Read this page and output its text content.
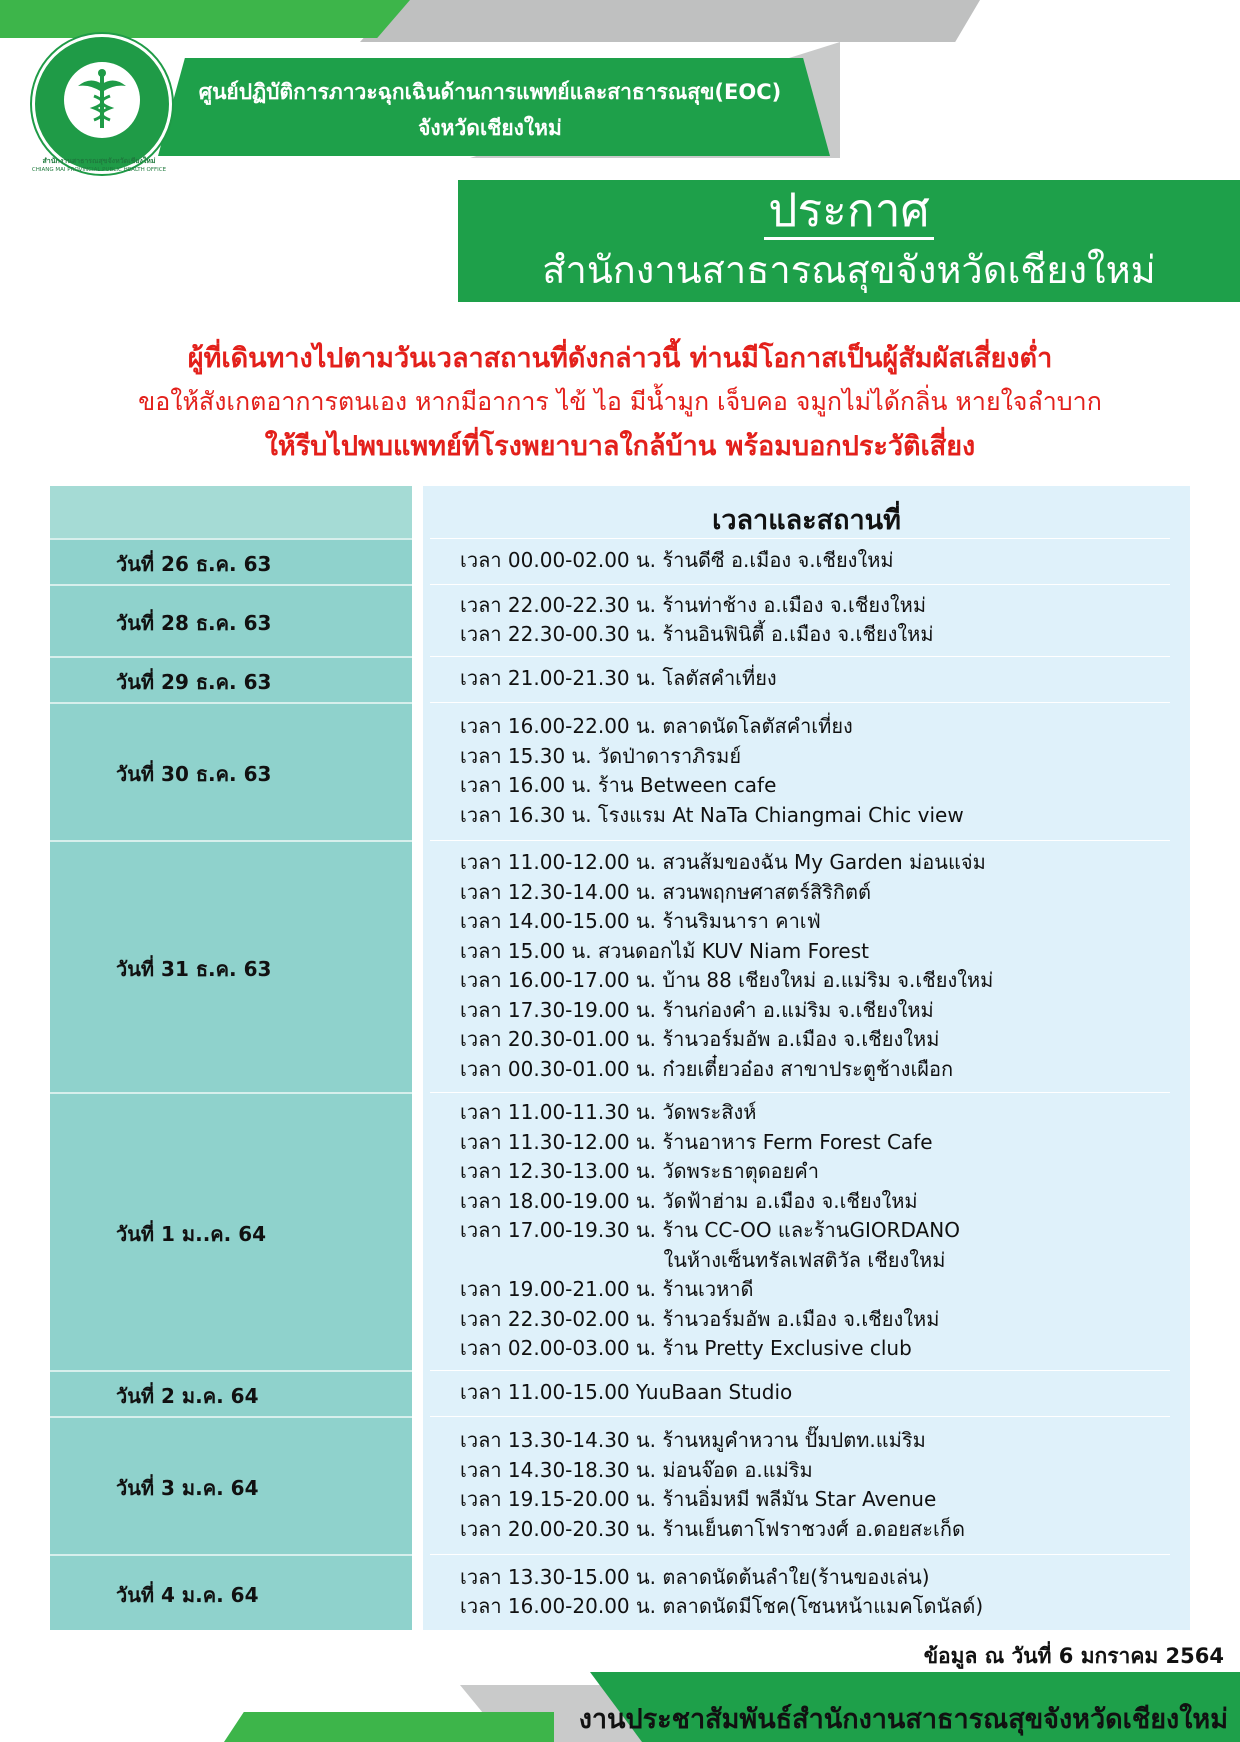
ศูนย์ปฏิบัติการภาวะฉุกเฉินด้านการแพทย์และสาธารณสุข(EOC)
จังหวัดเชียงใหม่
สำนักงานสาธารณสุขจังหวัดเชียงใหม่
CHIANG MAI PROVINCIAL PUBLIC HEALTH OFFICE
ประกาศ
สำนักงานสาธารณสุขจังหวัดเชียงใหม่
ผู้ที่เดินทางไปตามวันเวลาสถานที่ดังกล่าวนี้ ท่านมีโอกาสเป็นผู้สัมผัสเสี่ยงต่ำ
ขอให้สังเกตอาการตนเอง หากมีอาการ ไข้ ไอ มีน้ำมูก เจ็บคอ จมูกไม่ได้กลิ่น หายใจลำบาก
ให้รีบไปพบแพทย์ที่โรงพยาบาลใกล้บ้าน พร้อมบอกประวัติเสี่ยง
เวลาและสถานที่
วันที่ 26 ธ.ค. 63	เวลา 00.00-02.00 น. ร้านดีซี อ.เมือง จ.เชียงใหม่
วันที่ 28 ธ.ค. 63
เวลา 22.00-22.30 น. ร้านท่าช้าง อ.เมือง จ.เชียงใหม่
เวลา 22.30-00.30 น. ร้านอินฟินิตี้ อ.เมือง จ.เชียงใหม่
วันที่ 29 ธ.ค. 63	เวลา 21.00-21.30 น. โลตัสคำเที่ยง
วันที่ 30 ธ.ค. 63
เวลา 16.00-22.00 น. ตลาดนัดโลตัสคำเที่ยง
เวลา 15.30 น. วัดป่าดาราภิรมย์
เวลา 16.00 น. ร้าน Between cafe
เวลา 16.30 น. โรงแรม At NaTa Chiangmai Chic view
วันที่ 31 ธ.ค. 63
เวลา 11.00-12.00 น. สวนส้มของฉัน My Garden ม่อนแจ่ม
เวลา 12.30-14.00 น. สวนพฤกษศาสตร์สิริกิตต์
เวลา 14.00-15.00 น. ร้านริมนารา คาเฟ่
เวลา 15.00 น. สวนดอกไม้ KUV Niam Forest
เวลา 16.00-17.00 น. บ้าน 88 เชียงใหม่ อ.แม่ริม จ.เชียงใหม่
เวลา 17.30-19.00 น. ร้านก่องคำ อ.แม่ริม จ.เชียงใหม่
เวลา 20.30-01.00 น. ร้านวอร์มอัพ อ.เมือง จ.เชียงใหม่
เวลา 00.30-01.00 น. ก๋วยเตี๋ยวอ๋อง สาขาประตูช้างเผือก
วันที่ 1 ม..ค. 64
เวลา 11.00-11.30 น. วัดพระสิงห์
เวลา 11.30-12.00 น. ร้านอาหาร Ferm Forest Cafe
เวลา 12.30-13.00 น. วัดพระธาตุดอยคำ
เวลา 18.00-19.00 น. วัดฟ้าฮ่าม อ.เมือง จ.เชียงใหม่
เวลา 17.00-19.30 น. ร้าน CC-OO และร้านGIORDANO
ในห้างเซ็นทรัลเฟสติวัล เชียงใหม่
เวลา 19.00-21.00 น. ร้านเวหาดี
เวลา 22.30-02.00 น. ร้านวอร์มอัพ อ.เมือง จ.เชียงใหม่
เวลา 02.00-03.00 น. ร้าน Pretty Exclusive club
วันที่ 2 ม.ค. 64	เวลา 11.00-15.00 YuuBaan Studio
วันที่ 3 ม.ค. 64
เวลา 13.30-14.30 น. ร้านหมูคำหวาน ปั๊มปตท.แม่ริม
เวลา 14.30-18.30 น. ม่อนจ๊อด อ.แม่ริม
เวลา 19.15-20.00 น. ร้านอิ่มหมี พลีมัน Star Avenue
เวลา 20.00-20.30 น. ร้านเย็นตาโฟราชวงศ์ อ.ดอยสะเก็ด
วันที่ 4 ม.ค. 64
เวลา 13.30-15.00 น. ตลาดนัดต้นลำใย(ร้านของเล่น)
เวลา 16.00-20.00 น. ตลาดนัดมีโชค(โซนหน้าแมคโดนัลด์)
ข้อมูล ณ วันที่ 6 มกราคม 2564
งานประชาสัมพันธ์สำนักงานสาธารณสุขจังหวัดเชียงใหม่
